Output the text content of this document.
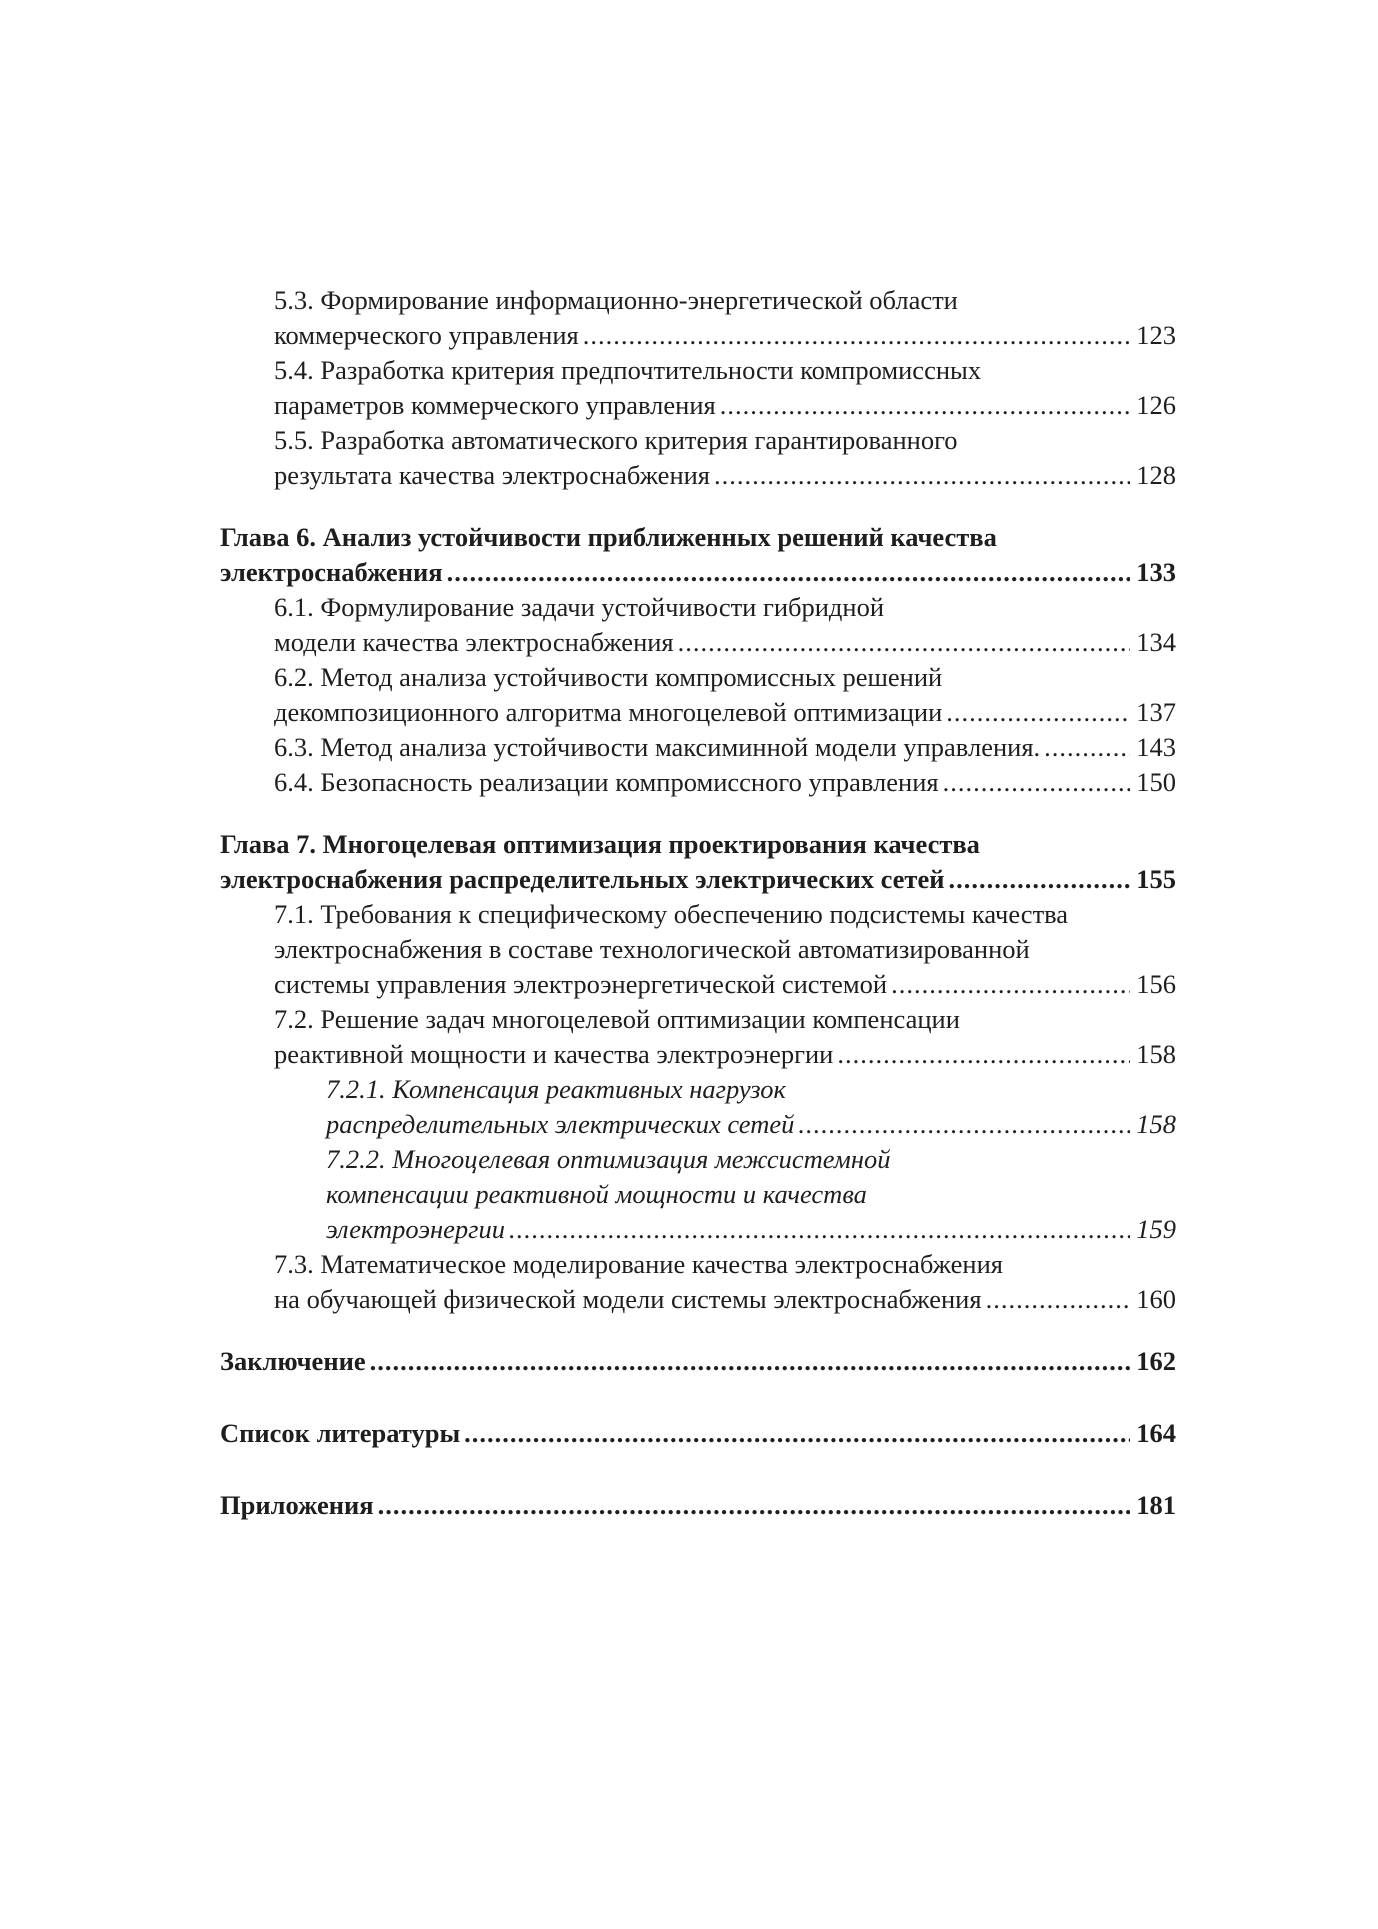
5.3. Формирование информационно-энергетической области
коммерческого управления .....	123
5.4. Разработка критерия предпочтительности компромиссных
параметров коммерческого управления .....	126
5.5. Разработка автоматического критерия гарантированного
результата качества электроснабжения .....	128
Глава 6. Анализ устойчивости приближенных решений качества
электроснабжения .....	133
6.1. Формулирование задачи устойчивости гибридной
модели качества электроснабжения .....	134
6.2. Метод анализа устойчивости компромиссных решений
декомпозиционного алгоритма многоцелевой оптимизации .....	137
6.3. Метод анализа устойчивости максиминной модели управления. .....	143
6.4. Безопасность реализации компромиссного управления .....	150
Глава 7. Многоцелевая оптимизация проектирования качества
электроснабжения распределительных электрических сетей .....	155
7.1. Требования к специфическому обеспечению подсистемы качества
электроснабжения в составе технологической автоматизированной
системы управления электроэнергетической системой .....	156
7.2. Решение задач многоцелевой оптимизации компенсации
реактивной мощности и качества электроэнергии .....	158
7.2.1. Компенсация реактивных нагрузок
распределительных электрических сетей .....	158
7.2.2. Многоцелевая оптимизация межсистемной
компенсации реактивной мощности и качества
электроэнергии .....	159
7.3. Математическое моделирование качества электроснабжения
на обучающей физической модели системы электроснабжения .....	160
Заключение .....	162
Список литературы .....	164
Приложения .....	181
